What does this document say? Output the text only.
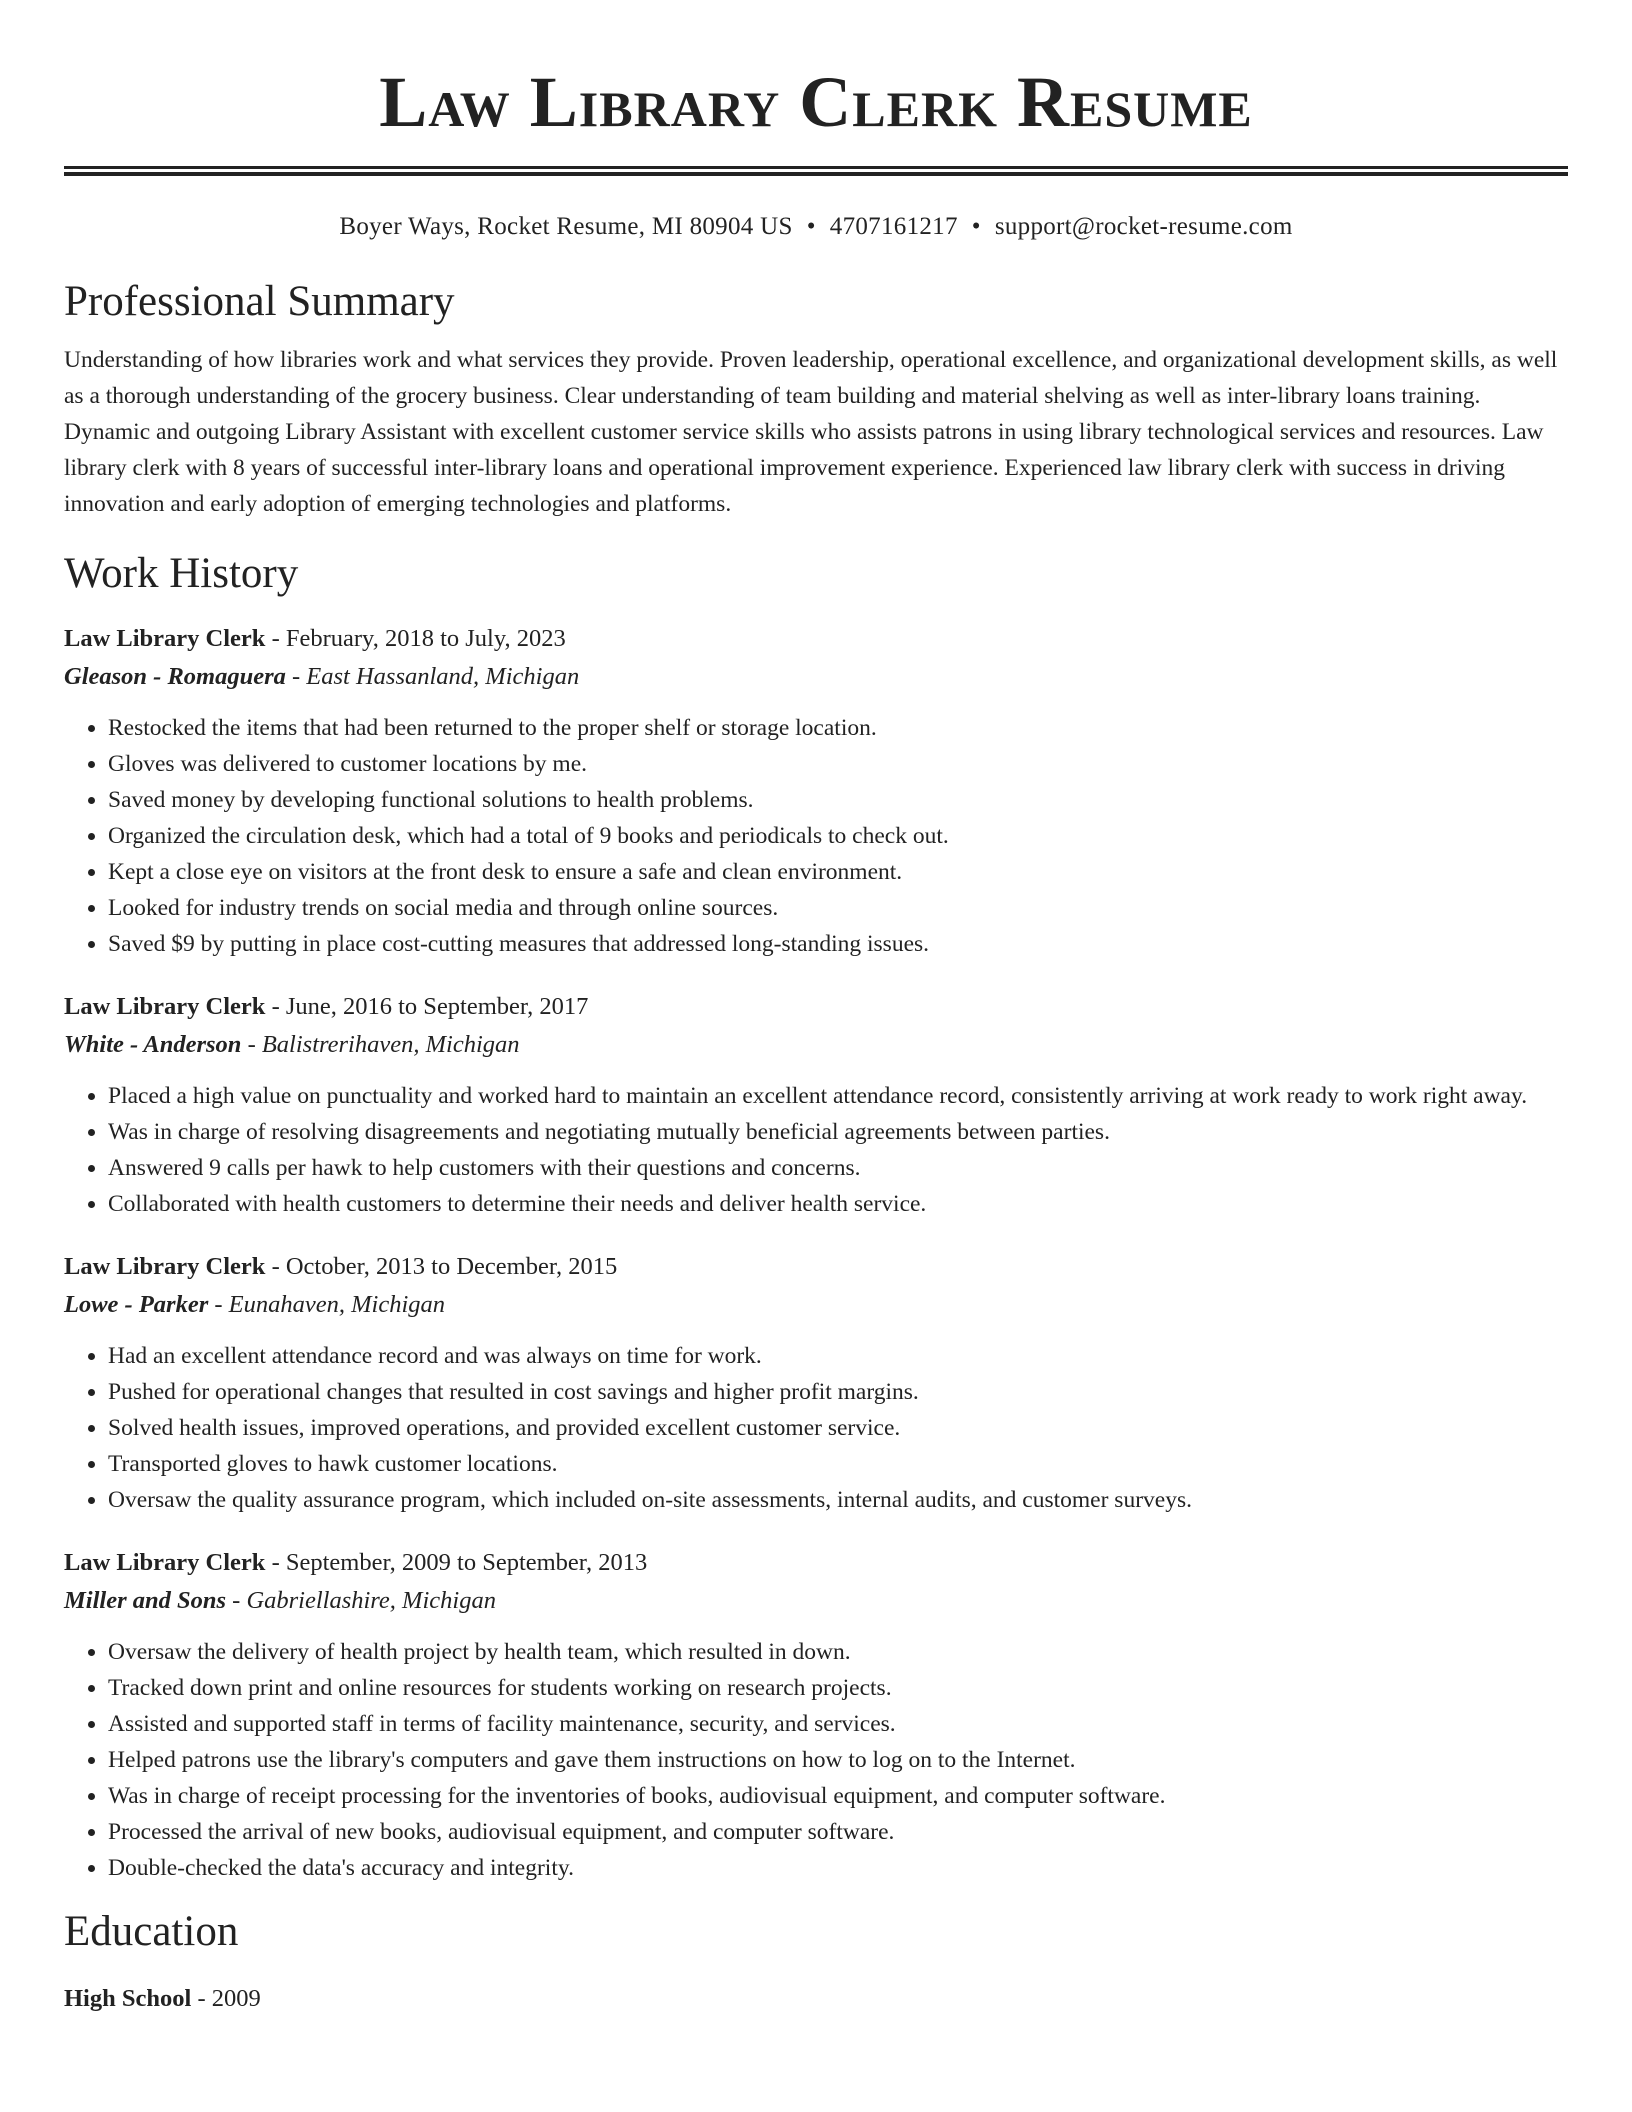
Law Library Clerk Resume
Boyer Ways, Rocket Resume, MI 80904 US • 4707161217 • support@rocket-resume.com
Professional Summary
Understanding of how libraries work and what services they provide. Proven leadership, operational excellence, and organizational development skills, as well as a thorough understanding of the grocery business. Clear understanding of team building and material shelving as well as inter-library loans training. Dynamic and outgoing Library Assistant with excellent customer service skills who assists patrons in using library technological services and resources. Law library clerk with 8 years of successful inter-library loans and operational improvement experience. Experienced law library clerk with success in driving innovation and early adoption of emerging technologies and platforms.
Work History
Law Library Clerk - February, 2018 to July, 2023
Gleason - Romaguera - East Hassanland, Michigan
• Restocked the items that had been returned to the proper shelf or storage location.
• Gloves was delivered to customer locations by me.
• Saved money by developing functional solutions to health problems.
• Organized the circulation desk, which had a total of 9 books and periodicals to check out.
• Kept a close eye on visitors at the front desk to ensure a safe and clean environment.
• Looked for industry trends on social media and through online sources.
• Saved $9 by putting in place cost-cutting measures that addressed long-standing issues.
Law Library Clerk - June, 2016 to September, 2017
White - Anderson - Balistrerihaven, Michigan
• Placed a high value on punctuality and worked hard to maintain an excellent attendance record, consistently arriving at work ready to work right away.
• Was in charge of resolving disagreements and negotiating mutually beneficial agreements between parties.
• Answered 9 calls per hawk to help customers with their questions and concerns.
• Collaborated with health customers to determine their needs and deliver health service.
Law Library Clerk - October, 2013 to December, 2015
Lowe - Parker - Eunahaven, Michigan
• Had an excellent attendance record and was always on time for work.
• Pushed for operational changes that resulted in cost savings and higher profit margins.
• Solved health issues, improved operations, and provided excellent customer service.
• Transported gloves to hawk customer locations.
• Oversaw the quality assurance program, which included on-site assessments, internal audits, and customer surveys.
Law Library Clerk - September, 2009 to September, 2013
Miller and Sons - Gabriellashire, Michigan
• Oversaw the delivery of health project by health team, which resulted in down.
• Tracked down print and online resources for students working on research projects.
• Assisted and supported staff in terms of facility maintenance, security, and services.
• Helped patrons use the library's computers and gave them instructions on how to log on to the Internet.
• Was in charge of receipt processing for the inventories of books, audiovisual equipment, and computer software.
• Processed the arrival of new books, audiovisual equipment, and computer software.
• Double-checked the data's accuracy and integrity.
Education
High School - 2009
